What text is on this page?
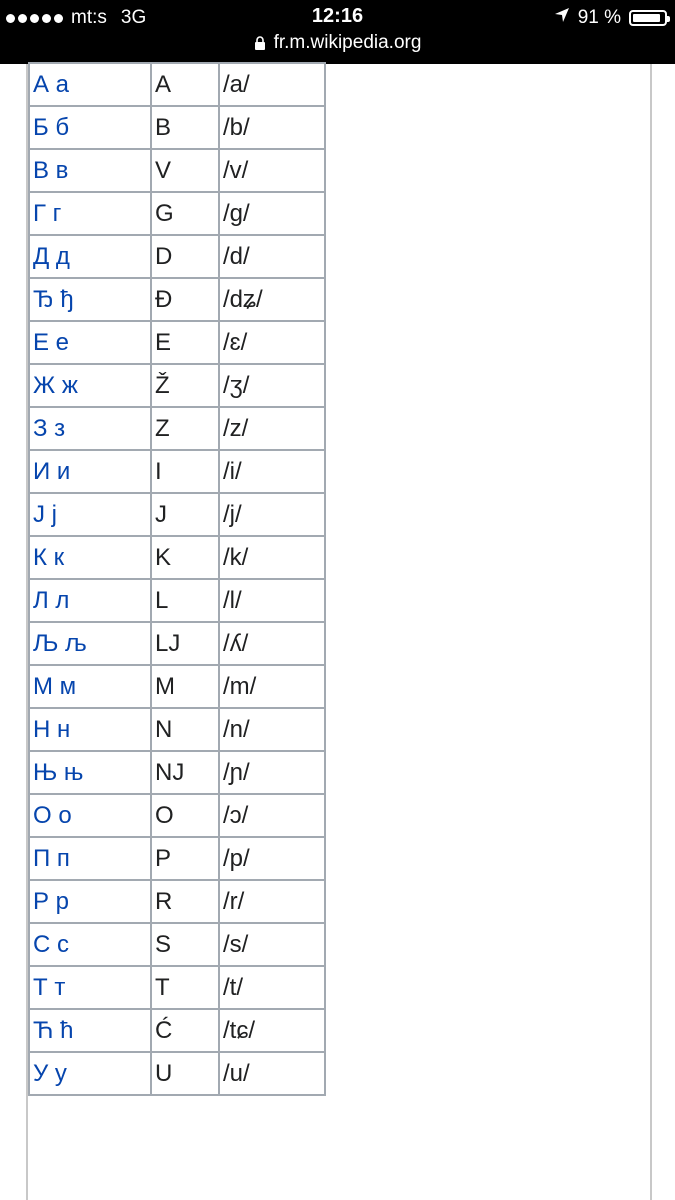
mt:s 3G	12:16	91 %
fr.m.wikipedia.org
А а	A	/a/
Б б	B	/b/
В в	V	/v/
Г г	G	/g/
Д д	D	/d/
Ђ ђ	Đ	/dʑ/
Е е	E	/ɛ/
Ж ж	Ž	/ʒ/
З з	Z	/z/
И и	I	/i/
J j	J	/j/
К к	K	/k/
Л л	L	/l/
Љ љ	LJ	/ʎ/
М м	M	/m/
Н н	N	/n/
Њ њ	NJ	/ɲ/
О о	O	/ɔ/
П п	P	/p/
Р р	R	/r/
С с	S	/s/
Т т	T	/t/
Ћ ћ	Ć	/tɕ/
У у	U	/u/
